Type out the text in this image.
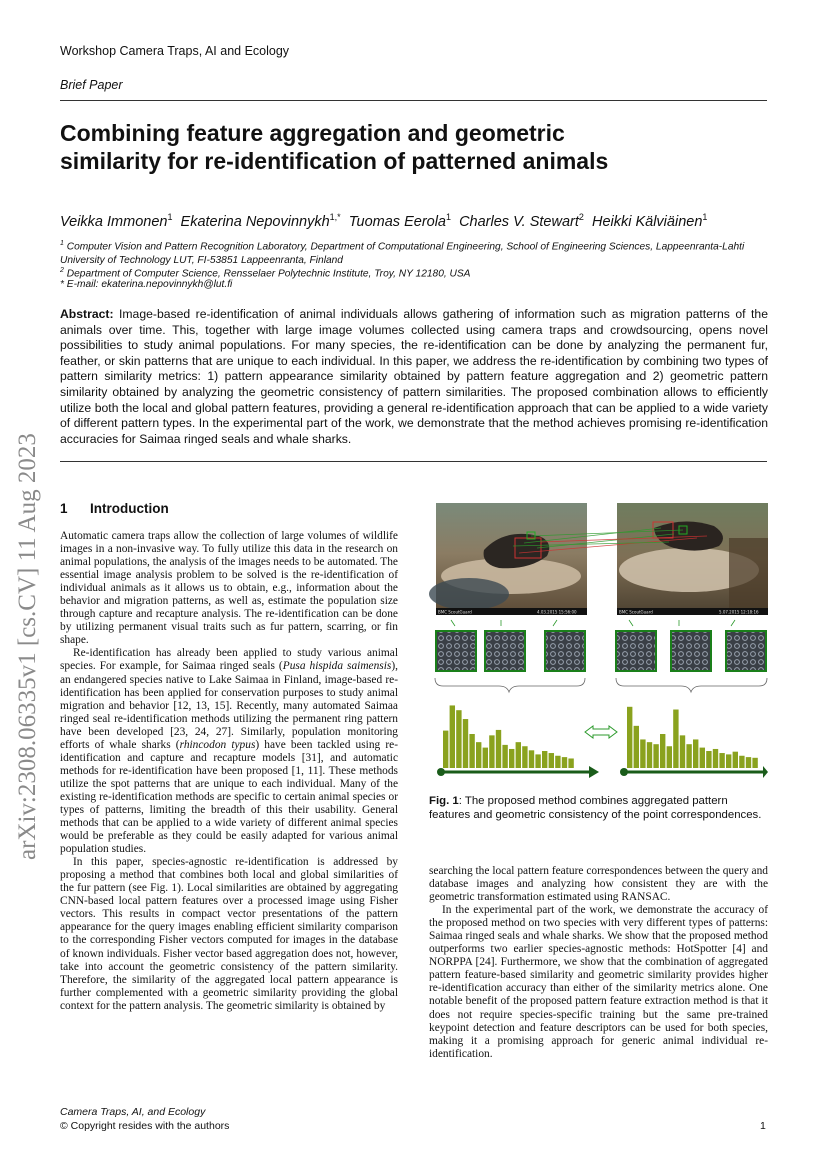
Workshop Camera Traps, AI and Ecology
Brief Paper
Combining feature aggregation and geometric similarity for re-identification of patterned animals
Veikka Immonen$^1$ Ekaterina Nepovinnykh$^{1,*}$ Tuomas Eerola$^1$ Charles V. Stewart$^2$ Heikki Kälviäinen$^1$
$^1$ Computer Vision and Pattern Recognition Laboratory, Department of Computational Engineering, School of Engineering Sciences, Lappeenranta-Lahti University of Technology LUT, FI-53851 Lappeenranta, Finland
$^2$ Department of Computer Science, Rensselaer Polytechnic Institute, Troy, NY 12180, USA
* E-mail: ekaterina.nepovinnykh@lut.fi
Abstract: Image-based re-identification of animal individuals allows gathering of information such as migration patterns of the animals over time. This, together with large image volumes collected using camera traps and crowdsourcing, opens novel possibilities to study animal populations. For many species, the re-identification can be done by analyzing the permanent fur, feather, or skin patterns that are unique to each individual. In this paper, we address the re-identification by combining two types of pattern similarity metrics: 1) pattern appearance similarity obtained by pattern feature aggregation and 2) geometric pattern similarity obtained by analyzing the geometric consistency of pattern similarities. The proposed combination allows to efficiently utilize both the local and global pattern features, providing a general re-identification approach that can be applied to a wide variety of different pattern types. In the experimental part of the work, we demonstrate that the method achieves promising re-identification accuracies for Saimaa ringed seals and whale sharks.
arXiv:2308.06335v1 [cs.CV] 11 Aug 2023 1 Introduction

Automatic camera traps allow the collection of large volumes of wildlife images in a non-invasive way. To fully utilize this data in the research on animal populations, the analysis of the images needs to be automated. The essential image analysis problem to be solved is the re-identification of individual animals as it allows us to obtain, e.g., information about the behavior and migration patterns, as well as, estimate the population size through capture and recapture analysis. The re-identification can be done by utilizing permanent visual traits such as fur pattern, scarring, or fin shape.

Re-identification has already been applied to study various animal species. For example, for Saimaa ringed seals (Pusa hispida saimensis), an endangered species native to Lake Saimaa in Finland, image-based re-identification has been applied for conservation purposes to study animal migration and behavior [12, 13, 15]. Recently, many automated Saimaa ringed seal re-identification methods utilizing the permanent ring pattern have been developed [23, 24, 27]. Similarly, population monitoring efforts of whale sharks (rhincodon typus) have been tackled using re-identification and capture and recapture models [31], and automatic methods for re-identification have been proposed [1, 11]. These methods utilize the spot patterns that are unique to each individual. Many of the existing re-identification methods are specific to certain animal species or types of patterns, limiting the breadth of this their usability. General methods that can be applied to a wide variety of different animal species would be preferable as they could be easily adapted for various animal population studies.

In this paper, species-agnostic re-identification is addressed by proposing a method that combines both local and global similarities of the fur pattern (see Fig. 1). Local similarities are obtained by aggregating CNN-based local pattern features over a processed image using Fisher vectors. This results in compact vector presentations of the pattern appearance for the query images enabling efficient similarity comparison to the corresponding Fisher vectors computed for images in the database of known individuals. Fisher vector based aggregation does not, however, take into account the geometric consistency of the pattern similarity. Therefore, the similarity of the aggregated local pattern appearance is further complemented with a geometric similarity providing the global context for the pattern analysis. The geometric similarity is obtained by

BMC ScoutGuard	4.03.2015 15:56:00	BMC ScoutGuard	5.07.2015 12:18:16
Fig. 1: The proposed method combines aggregated pattern features and geometric consistency of the point correspondences.

searching the local pattern feature correspondences between the query and database images and analyzing how consistent they are with the geometric transformation estimated using RANSAC.

In the experimental part of the work, we demonstrate the accuracy of the proposed method on two species with very different types of patterns: Saimaa ringed seals and whale sharks. We show that the proposed method outperforms two earlier species-agnostic methods: HotSpotter [4] and NORPPA [24]. Furthermore, we show that the combination of aggregated pattern feature-based similarity and geometric similarity provides higher re-identification accuracy than either of the similarity metrics alone. One notable benefit of the proposed pattern feature extraction method is that it does not require species-specific training but the same pre-trained keypoint detection and feature descriptors can be used for both species, making it a promising approach for generic animal individual re-identification.

Camera Traps, AI, and Ecology
© Copyright resides with the authors	1
